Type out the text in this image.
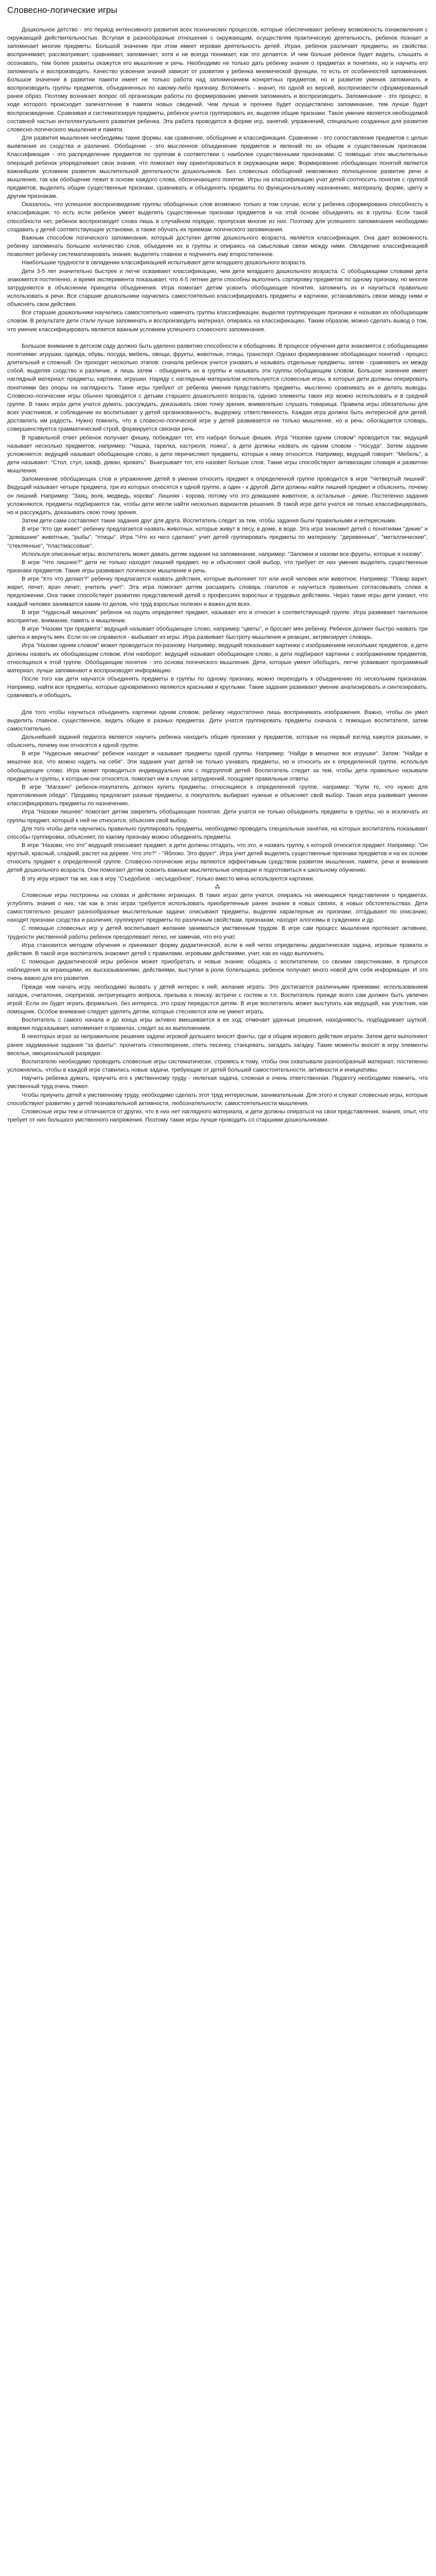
Словесно-логические игры

Дошкольное детство - это период интенсивного развития всех психических процессов, которые обеспечивают ребенку возможность ознакомления с окружающей действительностью. Вступая в разнообразные отношения с окружающим, осуществляя практическую деятельность, ребенок познает и запоминает многие предметы. Большой значение при этом имеет игровая деятельность детей. Играя, ребенок различает предметы, их свойства: воспринимает, рассматривает, сравнивает, запоминает, хотя и не всегда понимает, как это делается. И чем больше ребенок будет видеть, слышать и осознавать, тем более развиты окажутся его мышление и речь. Необходимо не только дать ребенку знания о предметах и понятиях, но и научить его запоминать и воспроизводить. Качество усвоения знаний зависит от развития у ребенка мнемической функции, то есть от особенностей запоминания. Большое значение в развитии памяти имеет не только работа над запоминанием конкретных предметов, но и развитие умения запоминать и воспроизводить группы предметов, объединенных по какому-либо признаку. Вспомнить - значит, по одной из версий, воспроизвести сформированный ранее образ. Поэтому возникает вопрос об организации работы по формированию умения запоминать и воспроизводить. Запоминание - это процесс, в ходе которого происходит запечатление в памяти новых сведений. Чем лучше и прочнее будет осуществлено запоминание, тем лучше будет воспроизведение. Сравнивая и систематизируя предметы, ребенок учится группировать их, выделяя общие признаки. Такое умение является необходимой составной частью интеллектуального развития ребенка. Эта работа проводится в форме игр, занятий, упражнений, специально созданных для развития словесно-логического мышления и памяти.

Для развития мышления необходимы такие формы, как сравнение, обобщение и классификация. Сравнение - это сопоставление предметов с целью выявления их сходства и различия. Обобщение - это мысленное объединение предметов и явлений по их общим и существенным признакам. Классификация - это распределение предметов по группам в соответствии с наиболее существенными признаками. С помощью этих мыслительных операций ребенок упорядочивает свои знания, что помогает ему ориентироваться в окружающем мире. Формирование обобщающих понятий является важнейшим условием развития мыслительной деятельности дошкольников. Без словесных обобщений невозможно полноценное развитие речи и мышления, так как обобщение лежит в основе каждого слова, обозначающего понятие. Игры на классификацию учат детей соотносить понятие с группой предметов, выделять общие существенные признаки, сравнивать и объединять предметы по функциональному назначению, материалу, форме, цвету и другим признакам.

Оказалось, что успешное воспроизведение группы обобщенных слов возможно только в том случае, если у ребенка сформирована способность к классификации, то есть если ребенок умеет выделять существенные признаки предметов и на этой основе объединять их в группы. Если такой способности нет, ребенок воспроизводит слова лишь в случайном порядке, пропуская многие из них. Поэтому для успешного запоминания необходимо создавать у детей соответствующие установки, а также обучать их приемам логического запоминания.

Важным способом логического запоминания, который доступен детям дошкольного возраста, является классификация. Она дает возможность ребенку запоминать большое количество слов, объединяя их в группы и опираясь на смысловые связи между ними. Овладение классификацией позволяет ребенку систематизировать знания, выделять главное и подчинять ему второстепенное.

Наибольшие трудности в овладении классификацией испытывают дети младшего дошкольного возраста.

Дети 3-5 лет значительно быстрее и легче осваивают классификацию, чем дети младшего дошкольного возраста. С обобщающими словами дети знакомятся постепенно, и время эксперимента показывает, что 4-5 летние дети способны выполнить сортировку предметов по одному признаку, но многие затрудняются в объяснении принципа объединения. Игра помогает детям усвоить обобщающие понятия, запомнить их и научиться правильно использовать в речи. Все старшие дошкольники научились самостоятельно классифицировать предметы и картинки, устанавливать связи между ними и объяснять свои действия.

Все старшие дошкольники научились самостоятельно намечать группы классификации, выделяя группирующие признаки и называя их обобщающим словом. В результате дети стали лучше запоминать и воспроизводить материал, опираясь на классификацию. Таким образом, можно сделать вывод о том, что умение классифицировать является важным условием успешного словесного запоминания.

Большое внимание в детском саду должно быть уделено развитию способности к обобщению. В процессе обучения дети знакомятся с обобщающими понятиями: игрушки, одежда, обувь, посуда, мебель, овощи, фрукты, животные, птицы, транспорт. Однако формирование обобщающих понятий - процесс длительный и сложный. Он проходит несколько этапов: сначала ребенок учится узнавать и называть отдельные предметы, затем - сравнивать их между собой, выделяя сходство и различие, и лишь затем - объединять их в группы и называть эти группы обобщающим словом. Большое значение имеет наглядный материал: предметы, картинки, игрушки. Наряду с наглядным материалом используются словесные игры, в которых дети должны оперировать понятиями без опоры на наглядность. Такие игры требуют от ребенка умения представлять предметы, мысленно сравнивать их и делать выводы. Словесно-логические игры обычно проводятся с детьми старшего дошкольного возраста, однако элементы таких игр можно использовать и в средней группе. В таких играх дети учатся думать, рассуждать, доказывать свою точку зрения, внимательно слушать товарища. Правила игры обязательны для всех участников, и соблюдение их воспитывает у детей организованность, выдержку, ответственность. Каждая игра должна быть интересной для детей, доставлять им радость. Нужно помнить, что в словесно-логической игре у детей развивается не только мышление, но и речь: обогащается словарь, совершенствуется грамматический строй, формируется связная речь.

В правильной ответ ребенок получает фишку, побеждает тот, кто набрал больше фишек. Игра "Назови одним словом" проводится так: ведущий называет несколько предметов, например: "Чашка, тарелка, кастрюля, ложка", а дети должны назвать их одним словом - "посуда". Затем задание усложняется: ведущий называет обобщающее слово, а дети перечисляют предметы, которые к нему относятся. Например, ведущий говорит: "Мебель", а дети называют: "Стол, стул, шкаф, диван, кровать". Выигрывает тот, кто назовет больше слов. Такие игры способствуют активизации словаря и развитию мышления.

Запоминание обобщающих слов и упражнение детей в умении относить предмет к определенной группе проводится в игре "Четвертый лишний". Ведущий называет четыре предмета, три из которых относятся к одной группе, а один - к другой. Дети должны найти лишний предмет и объяснить, почему он лишний. Например: "Заяц, волк, медведь, корова". Лишняя - корова, потому что это домашнее животное, а остальные - дикие. Постепенно задания усложняются, предметы подбираются так, чтобы дети могли найти несколько вариантов решения. В такой игре дети учатся не только классифицировать, но и рассуждать, доказывать свою точку зрения.

Затем дети сами составляют такие задания друг для друга. Воспитатель следит за тем, чтобы задания были правильными и интересными.

В игре "Кто где живет" ребенку предлагается назвать животных, которые живут в лесу, в доме, в воде. Эта игра знакомит детей с понятиями "дикие" и "домашние" животные, "рыбы", "птицы". Игра "Что из чего сделано" учит детей группировать предметы по материалу: "деревянные", "металлические", "стеклянные", "пластмассовые".

Используя описанные игры, воспитатель может давать детям задания на запоминание, например: "Запомни и назови все фрукты, которые я назову".

В игре "Что лишнее?" дети не только находят лишний предмет, но и объясняют свой выбор, что требует от них умения выделять существенные признаки предметов. Такие игры развивают логическое мышление и речь.

В игре "Кто что делает?" ребенку предлагается назвать действия, которые выполняет тот или иной человек или животное. Например: "Повар варит, жарит, печет; врач лечит; учитель учит". Эта игра помогает детям расширить словарь глаголов и научиться правильно согласовывать слова в предложении. Она также способствует развитию представлений детей о профессиях взрослых и трудовых действиях. Через такие игры дети узнают, что каждый человек занимается каким-то делом, что труд взрослых полезен и важен для всех.

В игре "Чудесный мешочек" ребенок на ощупь определяет предмет, называет его и относит к соответствующей группе. Игра развивает тактильное восприятие, внимание, память и мышление.

В игре "Назови три предмета" ведущий называет обобщающее слово, например "цветы", и бросает мяч ребенку. Ребенок должен быстро назвать три цветка и вернуть мяч. Если он не справился - выбывает из игры. Игра развивает быстроту мышления и реакции, активизирует словарь.

Игра "Назови одним словом" может проводиться по-разному. Например, ведущий показывает картинки с изображением нескольких предметов, а дети должны назвать их обобщающим словом. Или наоборот: ведущий называет обобщающее слово, а дети подбирают картинки с изображением предметов, относящихся к этой группе. Обобщающие понятия - это основа логического мышления. Дети, которые умеют обобщать, легче усваивают программный материал, лучше запоминают и воспроизводят информацию.

После того как дети научатся объединять предметы в группы по одному признаку, можно переходить к объединению по нескольким признакам. Например, найти все предметы, которые одновременно являются красными и круглыми. Такие задания развивают умение анализировать и синтезировать, сравнивать и обобщать.

Для того чтобы научиться объединять картинки одним словом, ребенку недостаточно лишь воспринимать изображения. Важно, чтобы он умел выделить главное, существенное, видеть общее в разных предметах. Дети учатся группировать предметы сначала с помощью воспитателя, затем самостоятельно.

Дальнейшей задачей педагога является научить ребенка находить общие признаки у предметов, которые на первый взгляд кажутся разными, и объяснять, почему они относятся к одной группе.

В игре "Чудесные мешочки" ребенок находит и называет предметы одной группы. Например: "Найди в мешочке все игрушки". Затем: "Найди в мешочке все, что можно надеть на себя". Эти задания учат детей не только узнавать предметы, но и относить их к определенной группе, используя обобщающее слово. Игра может проводиться индивидуально или с подгруппой детей. Воспитатель следит за тем, чтобы дети правильно называли предметы и группы, к которым они относятся, помогает им в случае затруднений, поощряет правильные ответы.

В игре "Магазин" ребенок-покупатель должен купить предметы, относящиеся к определенной группе, например: "Купи то, что нужно для приготовления обеда". Продавец предлагает разные предметы, а покупатель выбирает нужные и объясняет свой выбор. Такая игра развивает умение классифицировать предметы по назначению.

Игра "Назови лишнее" помогает детям закрепить обобщающие понятия. Дети учатся не только объединять предметы в группы, но и исключать из группы предмет, который к ней не относится, объясняя свой выбор.

Для того чтобы дети научились правильно группировать предметы, необходимо проводить специальные занятия, на которых воспитатель показывает способы группировки, объясняет, по какому признаку можно объединить предметы.

В игре "Назови, что это" ведущий описывает предмет, а дети должны отгадать, что это, и назвать группу, к которой относится предмет. Например: "Он круглый, красный, сладкий, растет на дереве. Что это?" - "Яблоко. Это фрукт". Игра учит детей выделять существенные признаки предметов и на их основе относить предмет к определенной группе. Словесно-логические игры являются эффективным средством развития мышления, памяти, речи и внимания детей дошкольного возраста. Они помогают детям освоить важные мыслительные операции и подготовиться к школьному обучению.

В эту игру играют так же, как в игру "Съедобное - несъедобное", только вместо мяча используются картинки.

⁂

Словесные игры построены на словах и действиях играющих. В таких играх дети учатся, опираясь на имеющиеся представления о предметах, углублять знания о них, так как в этих играх требуется использовать приобретенные ранее знания в новых связях, в новых обстоятельствах. Дети самостоятельно решают разнообразные мыслительные задачи: описывают предметы, выделяя характерные их признаки; отгадывают по описанию; находят признаки сходства и различия; группируют предметы по различным свойствам, признакам; находят алогизмы в суждениях и др.

С помощью словесных игр у детей воспитывают желание заниматься умственным трудом. В игре сам процесс мышления протекает активнее, трудности умственной работы ребенок преодолевает легко, не замечая, что его учат.

Игра становится методом обучения и принимает форму дидактической, если в ней четко определены дидактическая задача, игровые правила и действия. В такой игре воспитатель знакомит детей с правилами, игровыми действиями, учит, как их надо выполнять.

С помощью дидактической игры ребенок может приобретать и новые знания: общаясь с воспитателем, со своими сверстниками, в процессе наблюдения за играющими, их высказываниями, действиями, выступая в роли болельщика, ребенок получает много новой для себя информации. И это очень важно для его развития.

Прежде чем начать игру, необходимо вызвать у детей интерес к ней, желание играть. Это достигается различными приемами: использованием загадок, считалочек, сюрпризов, интригующего вопроса, призыва к поиску, встречи с гостем и т.п. Воспитатель прежде всего сам должен быть увлечен игрой. Если он будет играть формально, без интереса, это сразу передастся детям. В игре воспитатель может выступать как ведущий, как участник, как помощник. Особое внимание следует уделять детям, которые стесняются или не умеют играть.

Воспитатель с самого начала и до конца игры активно вмешивается в ее ход: отмечает удачные решения, находчивость, подбадривает шуткой, вовремя подсказывает, напоминает о правилах, следит за их выполнением.

В некоторых играх за неправильное решение задачи игровой дольшего вносят фанты, где в общем игрового действия играли. Затем дети выполняют ранее задуманные задания "за фанты": прочитать стихотворение, спеть песенку, станцевать, загадать загадку. Такие моменты вносят в игру элементы веселья, эмоциональной разрядки.

Воспитателю необходимо проводить словесные игры систематически, стремясь к тому, чтобы они охватывали разнообразный материал, постепенно усложнялись, чтобы в каждой игре ставились новые задачи, требующие от детей большей самостоятельности, активности и инициативы.

Научить ребенка думать, приучить его к умственному труду - нелегкая задача, сложная и очень ответственная. Педагогу необходимо помнить, что умственный труд очень тяжел.

Чтобы приучить детей к умственному труду, необходимо сделать этот труд интересным, занимательным. Для этого и служат словесные игры, которые способствуют развитию у детей познавательной активности, любознательности, самостоятельности мышления.

Словесные игры тем и отличаются от других, что в них нет наглядного материала, и дети должны опираться на свои представления, знания, опыт, что требует от них большого умственного напряжения. Поэтому такие игры лучше проводить со старшими дошкольниками.
